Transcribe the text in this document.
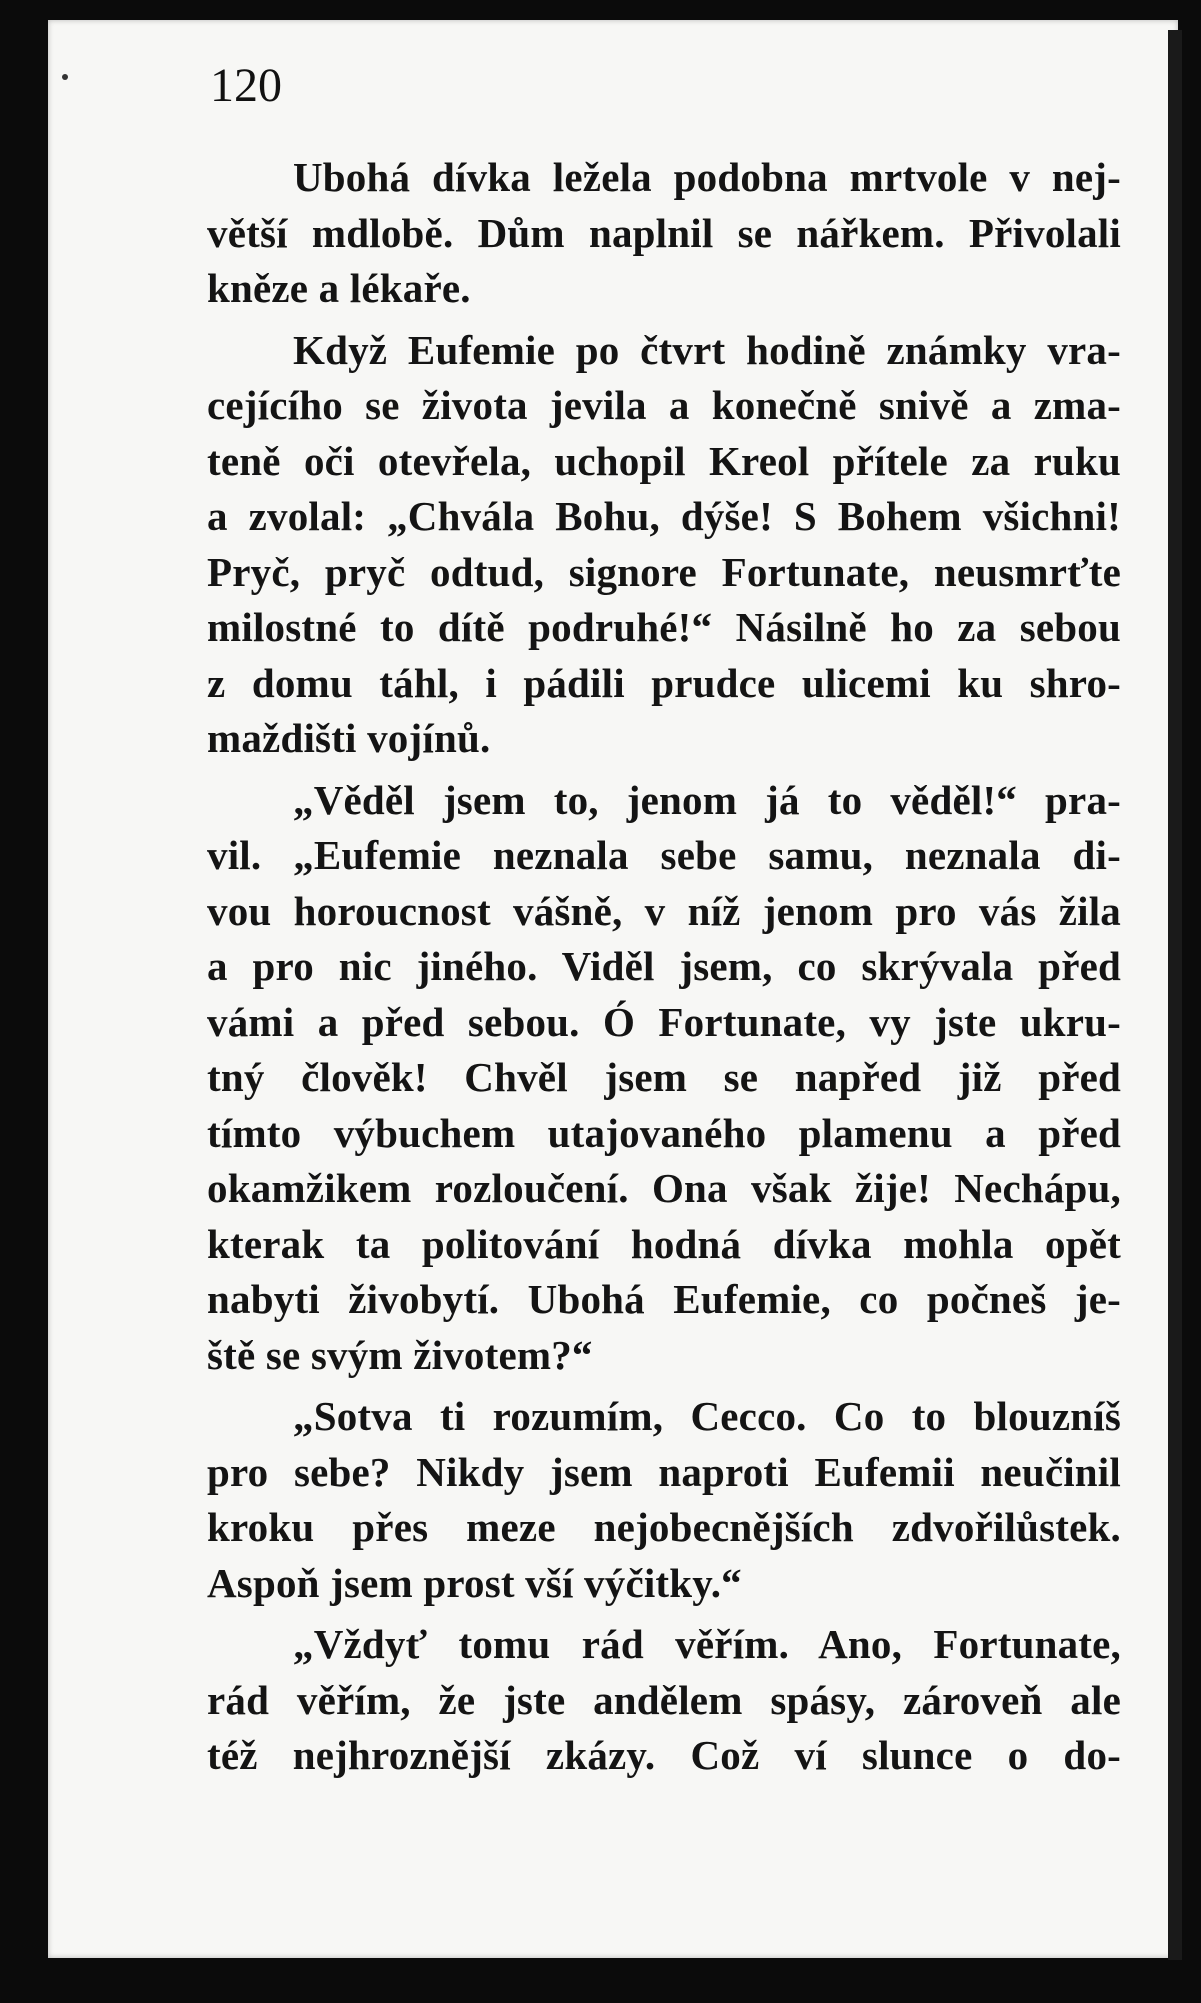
120

Ubohá dívka ležela podobna mrtvole v nej-
větší mdlobě. Dům naplnil se nářkem. Přivolali
kněze a lékaře.

Když Eufemie po čtvrt hodině známky vra-
cejícího se života jevila a konečně snivě a zma-
teně oči otevřela, uchopil Kreol přítele za ruku
a zvolal: „Chvála Bohu, dýše! S Bohem všichni!
Pryč, pryč odtud, signore Fortunate, neusmrťte
milostné to dítě podruhé!“ Násilně ho za sebou
z domu táhl, i pádili prudce ulicemi ku shro-
maždišti vojínů.

„Věděl jsem to, jenom já to věděl!“ pra-
vil. „Eufemie neznala sebe samu, neznala di-
vou horoucnost vášně, v níž jenom pro vás žila
a pro nic jiného. Viděl jsem, co skrývala před
vámi a před sebou. Ó Fortunate, vy jste ukru-
tný člověk! Chvěl jsem se napřed již před
tímto výbuchem utajovaného plamenu a před
okamžikem rozloučení. Ona však žije! Nechápu,
kterak ta politování hodná dívka mohla opět
nabyti živobytí. Ubohá Eufemie, co počneš je-
ště se svým životem?“

„Sotva ti rozumím, Cecco. Co to blouzníš
pro sebe? Nikdy jsem naproti Eufemii neučinil
kroku přes meze nejobecnějších zdvořilůstek.
Aspoň jsem prost vší výčitky.“

„Vždyť tomu rád věřím. Ano, Fortunate,
rád věřím, že jste andělem spásy, zároveň ale
též nejhroznější zkázy. Což ví slunce o do-
